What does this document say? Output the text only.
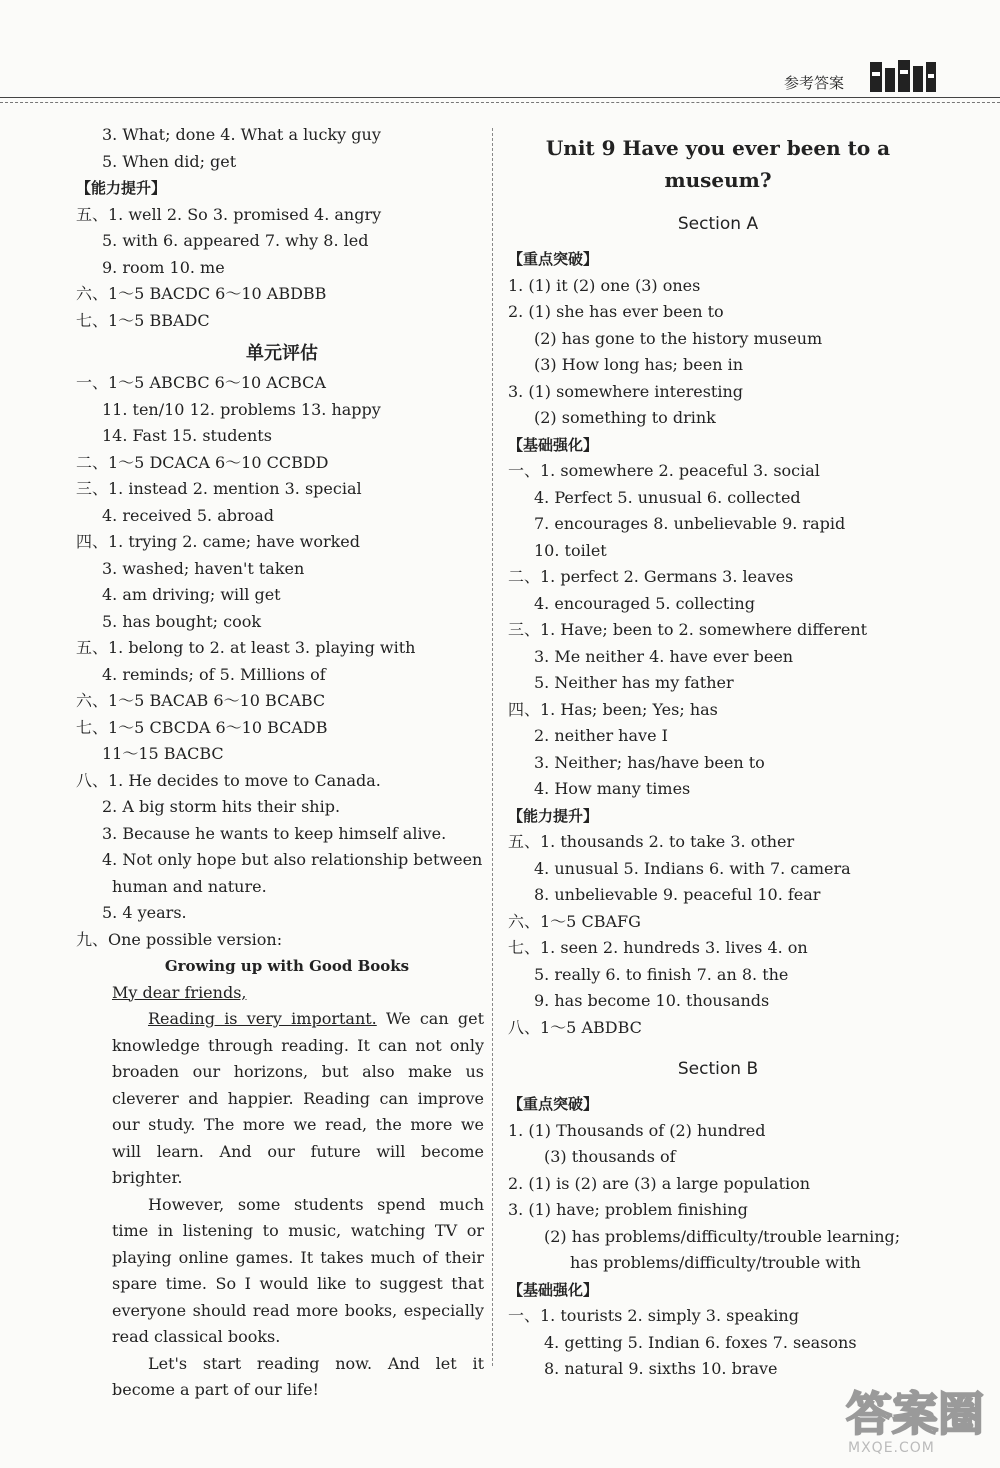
参考答案
3. What; done 4. What a lucky guy
5. When did; get
【能力提升】
五、1. well 2. So 3. promised 4. angry
5. with 6. appeared 7. why 8. led
9. room 10. me
六、1～5 BACDC 6～10 ABDBB
七、1～5 BBADC
单元评估
一、1～5 ABCBC 6～10 ACBCA
11. ten/10 12. problems 13. happy
14. Fast 15. students
二、1～5 DCACA 6～10 CCBDD
三、1. instead 2. mention 3. special
4. received 5. abroad
四、1. trying 2. came; have worked
3. washed; haven't taken
4. am driving; will get
5. has bought; cook
五、1. belong to 2. at least 3. playing with
4. reminds; of 5. Millions of
六、1～5 BACAB 6～10 BCABC
七、1～5 CBCDA 6～10 BCADB
11～15 BACBC
八、1. He decides to move to Canada.
2. A big storm hits their ship.
3. Because he wants to keep himself alive.
4. Not only hope but also relationship between
human and nature.
5. 4 years.
九、One possible version:
Growing up with Good Books
My dear friends,
Reading is very important. We can get knowledge through reading. It can not only broaden our horizons, but also make us cleverer and happier. Reading can improve our study. The more we read, the more we will learn. And our future will become brighter.
However, some students spend much time in listening to music, watching TV or playing online games. It takes much of their spare time. So I would like to suggest that everyone should read more books, especially read classical books.
Let's start reading now. And let it become a part of our life!
Unit 9 Have you ever been to a
museum?
Section A
【重点突破】
1. (1) it (2) one (3) ones
2. (1) she has ever been to
(2) has gone to the history museum
(3) How long has; been in
3. (1) somewhere interesting
(2) something to drink
【基础强化】
一、1. somewhere 2. peaceful 3. social
4. Perfect 5. unusual 6. collected
7. encourages 8. unbelievable 9. rapid
10. toilet
二、1. perfect 2. Germans 3. leaves
4. encouraged 5. collecting
三、1. Have; been to 2. somewhere different
3. Me neither 4. have ever been
5. Neither has my father
四、1. Has; been; Yes; has
2. neither have I
3. Neither; has/have been to
4. How many times
【能力提升】
五、1. thousands 2. to take 3. other
4. unusual 5. Indians 6. with 7. camera
8. unbelievable 9. peaceful 10. fear
六、1～5 CBAFG
七、1. seen 2. hundreds 3. lives 4. on
5. really 6. to finish 7. an 8. the
9. has become 10. thousands
八、1～5 ABDBC
Section B
【重点突破】
1. (1) Thousands of (2) hundred
(3) thousands of
2. (1) is (2) are (3) a large population
3. (1) have; problem finishing
(2) has problems/difficulty/trouble learning;
has problems/difficulty/trouble with
【基础强化】
一、1. tourists 2. simply 3. speaking
4. getting 5. Indian 6. foxes 7. seasons
8. natural 9. sixths 10. brave
答案圈
MXQE.COM
